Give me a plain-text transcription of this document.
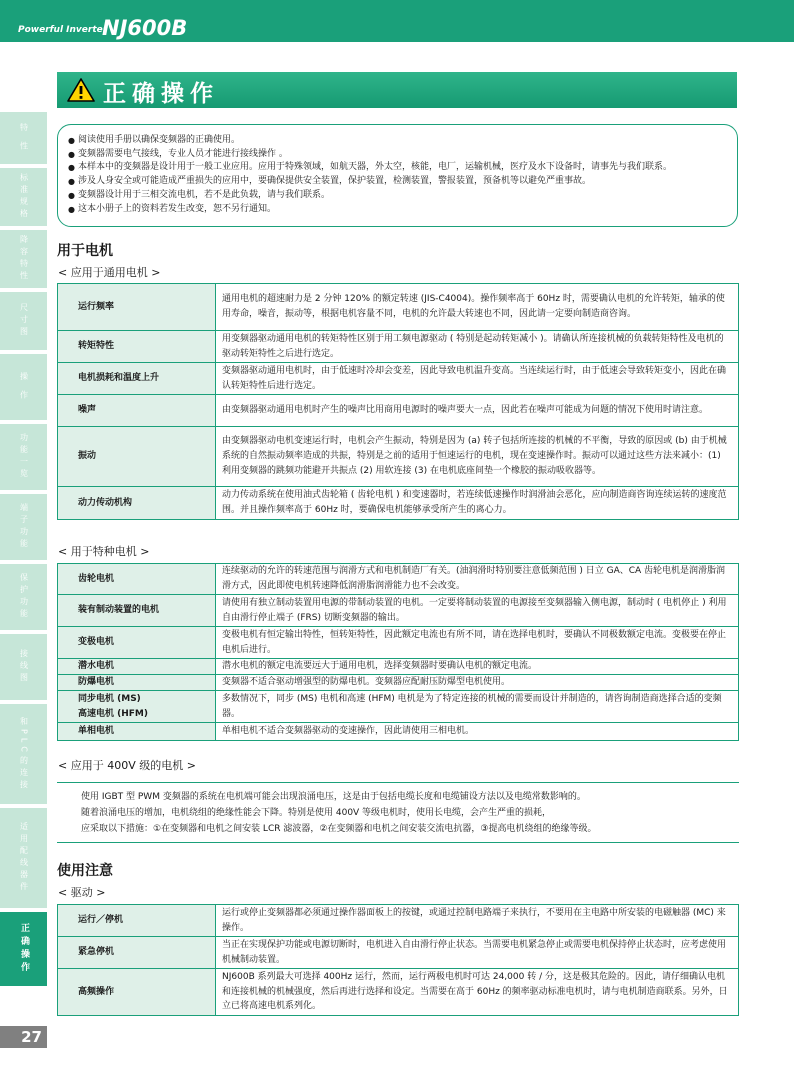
Powerful Inverter
NJ600B
特 性
标准规格
降容特性
尺寸图
操 作
功能一览
端子功能
保护功能
接线图
和PLC的连接
适用配线器件
正确操作
27
正确操作
● 阅读使用手册以确保变频器的正确使用。
● 变频器需要电气接线，专业人员才能进行接线操作 。
● 本样本中的变频器是设计用于一般工业应用。应用于特殊领域，如航天器，外太空，核能，电厂，运输机械，医疗及水下设备时，请事先与我们联系。
● 涉及人身安全或可能造成严重损失的应用中，要确保提供安全装置，保护装置，检测装置，警报装置，预备机等以避免严重事故。
● 变频器设计用于三相交流电机，若不是此负载，请与我们联系。
● 这本小册子上的资料若发生改变，恕不另行通知。
用于电机
< 应用于通用电机 >
运行频率	通用电机的超速耐力是 2 分钟 120% 的额定转速 (JIS-C4004)。操作频率高于 60Hz 时，需要确认电机的允许转矩，轴承的使用寿命，噪音，振动等，根据电机容量不同，电机的允许最大转速也不同，因此请一定要向制造商咨询。
转矩特性	用变频器驱动通用电机的转矩特性区别于用工频电源驱动 ( 特别是起动转矩减小 )。请确认所连接机械的负载转矩特性及电机的驱动转矩特性之后进行选定。
电机损耗和温度上升	变频器驱动通用电机时，由于低速时冷却会变差，因此导致电机温升变高。当连续运行时，由于低速会导致转矩变小，因此在确认转矩特性后进行选定。
噪声	由变频器驱动通用电机时产生的噪声比用商用电源时的噪声要大一点，因此若在噪声可能成为问题的情况下使用时请注意。
振动	由变频器驱动电机变速运行时，电机会产生振动，特别是因为 (a) 转子包括所连接的机械的不平衡，导致的原因或 (b) 由于机械系统的自然振动频率造成的共振，特别是之前的适用于恒速运行的电机，现在变速操作时。振动可以通过这些方法来减小：(1) 利用变频器的跳频功能避开共振点 (2) 用软连接 (3) 在电机底座间垫一个橡胶的振动吸收器等。
动力传动机构	动力传动系统在使用油式齿轮箱 ( 齿轮电机 ) 和变速器时，若连续低速操作时润滑油会恶化，应向制造商咨询连续运转的速度范围。并且操作频率高于 60Hz 时，要确保电机能够承受所产生的离心力。
< 用于特种电机 >
齿轮电机	连续驱动的允许的转速范围与润滑方式和电机制造厂有关。(油润滑时特别要注意低频范围 ) 日立 GA、CA 齿轮电机是润滑脂润滑方式，因此即使电机转速降低润滑脂润滑能力也不会改变。
装有制动装置的电机	请使用有独立制动装置用电源的带制动装置的电机。一定要将制动装置的电源接至变频器输入侧电源，制动时 ( 电机停止 ) 利用自由滑行停止端子 (FRS) 切断变频器的输出。
变极电机	变极电机有恒定输出特性，恒转矩特性，因此额定电流也有所不同，请在选择电机时，要确认不同极数额定电流。变极要在停止电机后进行。
潜水电机	潜水电机的额定电流要远大于通用电机，选择变频器时要确认电机的额定电流。
防爆电机	变频器不适合驱动增强型的防爆电机。变频器应配耐压防爆型电机使用。
同步电机 (MS)
高速电机 (HFM)	多数情况下，同步 (MS) 电机和高速 (HFM) 电机是为了特定连接的机械的需要而设计并制造的，请咨询制造商选择合适的变频器。
单相电机	单相电机不适合变频器驱动的变速操作，因此请使用三相电机。
< 应用于 400V 级的电机 >
使用 IGBT 型 PWM 变频器的系统在电机端可能会出现浪涌电压，这是由于包括电缆长度和电缆铺设方法以及电缆常数影响的。
随着浪涌电压的增加，电机绕组的绝缘性能会下降。特别是使用 400V 等级电机时，使用长电缆，会产生严重的损耗，
应采取以下措施：①在变频器和电机之间安装 LCR 滤波器，②在变频器和电机之间安装交流电抗器，③提高电机绕组的绝缘等级。
使用注意
< 驱动 >
运行／停机	运行或停止变频器都必须通过操作器面板上的按键，或通过控制电路端子来执行，不要用在主电路中所安装的电磁触器 (MC) 来操作。
紧急停机	当正在实现保护功能或电源切断时，电机进入自由滑行停止状态。当需要电机紧急停止或需要电机保持停止状态时，应考虑使用机械制动装置。
高频操作	NJ600B 系列最大可选择 400Hz 运行，然而，运行两极电机时可达 24,000 转 / 分，这是极其危险的。因此，请仔细确认电机和连接机械的机械强度，然后再进行选择和设定。当需要在高于 60Hz 的频率驱动标准电机时，请与电机制造商联系。另外，日立已将高速电机系列化。
